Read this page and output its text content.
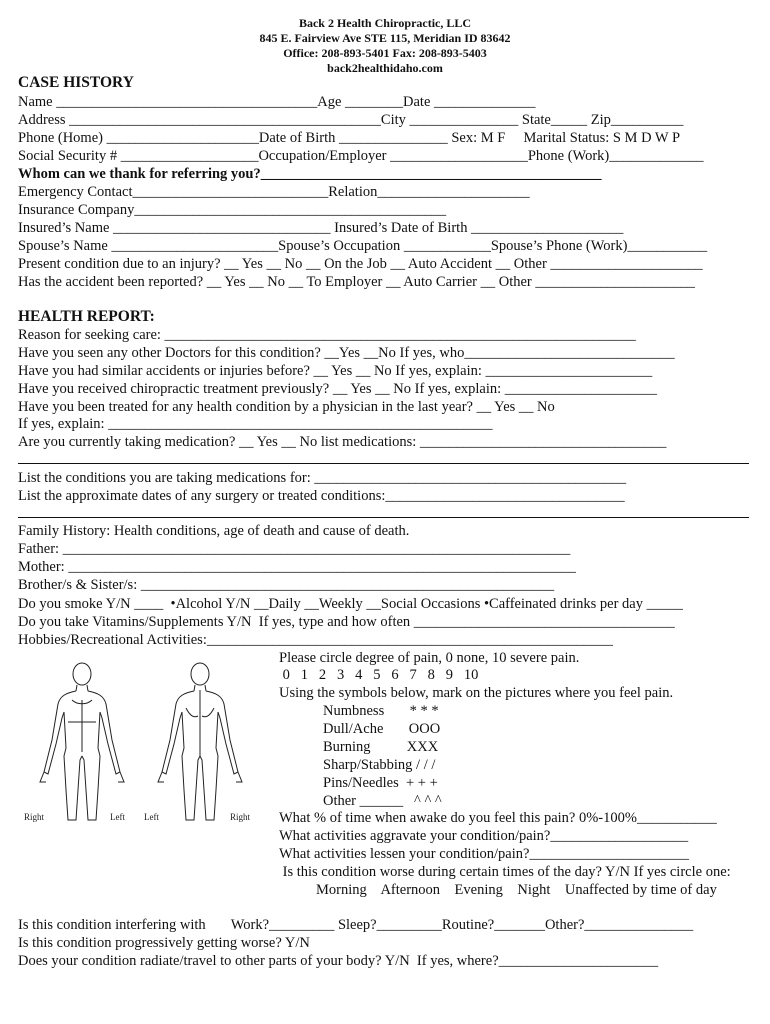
Back 2 Health Chiropractic, LLC
845 E. Fairview Ave STE 115, Meridian ID 83642
Office: 208-893-5401 Fax: 208-893-5403
back2healthidaho.com
CASE HISTORY
Name ____________________________________Age ________Date ______________
Address ___________________________________________City _______________ State_____ Zip__________
Phone (Home) _____________________Date of Birth _______________ Sex: M F     Marital Status: S M D W P
Social Security # ___________________Occupation/Employer ___________________Phone (Work)_____________
Whom can we thank for referring you?_______________________________________________
Emergency Contact___________________________Relation_____________________
Insurance Company___________________________________________
Insured’s Name ______________________________ Insured’s Date of Birth _____________________
Spouse’s Name _______________________Spouse’s Occupation ____________Spouse’s Phone (Work)___________
Present condition due to an injury? __ Yes __ No __ On the Job __ Auto Accident __ Other _____________________
Has the accident been reported? __ Yes __ No __ To Employer __ Auto Carrier __ Other ______________________
HEALTH REPORT:
Reason for seeking care: _________________________________________________________________
Have you seen any other Doctors for this condition? __Yes __No If yes, who_____________________________
Have you had similar accidents or injuries before? __ Yes __ No If yes, explain: _______________________
Have you received chiropractic treatment previously? __ Yes __ No If yes, explain: _____________________
Have you been treated for any health condition by a physician in the last year? __ Yes __ No
If yes, explain: _____________________________________________________
Are you currently taking medication? __ Yes __ No list medications: __________________________________
List the conditions you are taking medications for: ___________________________________________
List the approximate dates of any surgery or treated conditions:_________________________________
Family History: Health conditions, age of death and cause of death.
Father: ______________________________________________________________________
Mother: ______________________________________________________________________
Brother/s & Sister/s: _________________________________________________________
Do you smoke Y/N ____  •Alcohol Y/N __Daily __Weekly __Social Occasions •Caffeinated drinks per day _____
Do you take Vitamins/Supplements Y/N  If yes, type and how often ____________________________________
Hobbies/Recreational Activities:________________________________________________________
Right	Left Left	Right
Please circle degree of pain, 0 none, 10 severe pain.
0   1   2   3   4   5   6   7   8   9   10
Using the symbols below, mark on the pictures where you feel pain.
Numbness       * * *
Dull/Ache       OOO
Burning          XXX
Sharp/Stabbing / / /
Pins/Needles  + + +
Other ______   ^ ^ ^
What % of time when awake do you feel this pain? 0%-100%___________
What activities aggravate your condition/pain?___________________
What activities lessen your condition/pain?______________________
Is this condition worse during certain times of the day? Y/N If yes circle one:
Morning    Afternoon    Evening    Night    Unaffected by time of day
Is this condition interfering with       Work?_________ Sleep?_________Routine?_______Other?_______________
Is this condition progressively getting worse? Y/N
Does your condition radiate/travel to other parts of your body? Y/N  If yes, where?______________________
